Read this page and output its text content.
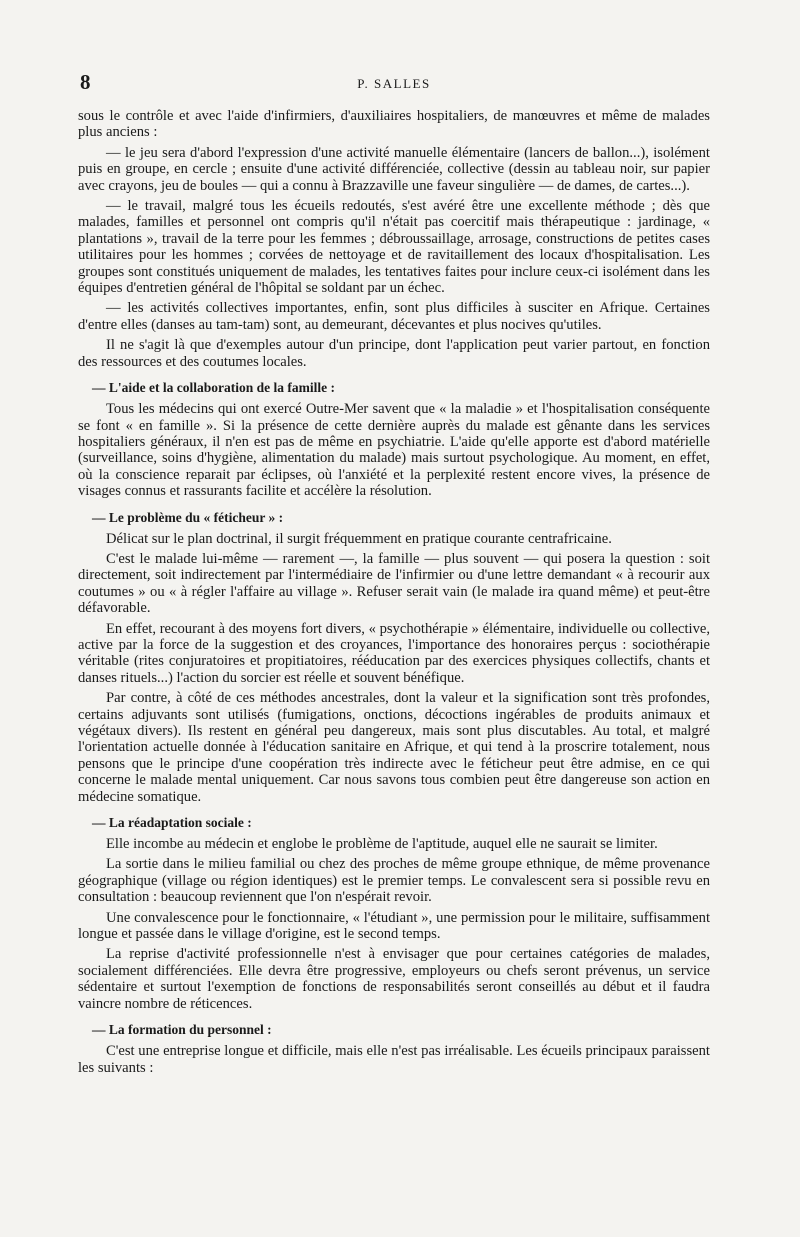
8	P. SALLES

sous le contrôle et avec l'aide d'infirmiers, d'auxiliaires hospitaliers, de manœuvres et même de malades plus anciens :

— le jeu sera d'abord l'expression d'une activité manuelle élémentaire (lancers de ballon...), isolément puis en groupe, en cercle ; ensuite d'une activité différenciée, collective (dessin au tableau noir, sur papier avec crayons, jeu de boules — qui a connu à Brazzaville une faveur singulière — de dames, de cartes...).

— le travail, malgré tous les écueils redoutés, s'est avéré être une excellente méthode ; dès que malades, familles et personnel ont compris qu'il n'était pas coercitif mais thérapeutique : jardinage, « plantations », travail de la terre pour les femmes ; débroussaillage, arrosage, constructions de petites cases utilitaires pour les hommes ; corvées de nettoyage et de ravitaillement des locaux d'hospitalisation. Les groupes sont constitués uniquement de malades, les tentatives faites pour inclure ceux-ci isolément dans les équipes d'entretien général de l'hôpital se soldant par un échec.

— les activités collectives importantes, enfin, sont plus difficiles à susciter en Afrique. Certaines d'entre elles (danses au tam-tam) sont, au demeurant, décevantes et plus nocives qu'utiles.

Il ne s'agit là que d'exemples autour d'un principe, dont l'application peut varier partout, en fonction des ressources et des coutumes locales.

— L'aide et la collaboration de la famille :

Tous les médecins qui ont exercé Outre-Mer savent que « la maladie » et l'hospitalisation conséquente se font « en famille ». Si la présence de cette dernière auprès du malade est gênante dans les services hospitaliers généraux, il n'en est pas de même en psychiatrie. L'aide qu'elle apporte est d'abord matérielle (surveillance, soins d'hygiène, alimentation du malade) mais surtout psychologique. Au moment, en effet, où la conscience reparait par éclipses, où l'anxiété et la perplexité restent encore vives, la présence de visages connus et rassurants facilite et accélère la résolution.

— Le problème du « féticheur » :

Délicat sur le plan doctrinal, il surgit fréquemment en pratique courante centrafricaine.

C'est le malade lui-même — rarement —, la famille — plus souvent — qui posera la question : soit directement, soit indirectement par l'intermédiaire de l'infirmier ou d'une lettre demandant « à recourir aux coutumes » ou « à régler l'affaire au village ». Refuser serait vain (le malade ira quand même) et peut-être défavorable.

En effet, recourant à des moyens fort divers, « psychothérapie » élémentaire, individuelle ou collective, active par la force de la suggestion et des croyances, l'importance des honoraires perçus : sociothérapie véritable (rites conjuratoires et propitiatoires, rééducation par des exercices physiques collectifs, chants et danses rituels...) l'action du sorcier est réelle et souvent bénéfique.

Par contre, à côté de ces méthodes ancestrales, dont la valeur et la signification sont très profondes, certains adjuvants sont utilisés (fumigations, onctions, décoctions ingérables de produits animaux et végétaux divers). Ils restent en général peu dangereux, mais sont plus discutables. Au total, et malgré l'orientation actuelle donnée à l'éducation sanitaire en Afrique, et qui tend à la proscrire totalement, nous pensons que le principe d'une coopération très indirecte avec le féticheur peut être admise, en ce qui concerne le malade mental uniquement. Car nous savons tous combien peut être dangereuse son action en médecine somatique.

— La réadaptation sociale :

Elle incombe au médecin et englobe le problème de l'aptitude, auquel elle ne saurait se limiter.

La sortie dans le milieu familial ou chez des proches de même groupe ethnique, de même provenance géographique (village ou région identiques) est le premier temps. Le convalescent sera si possible revu en consultation : beaucoup reviennent que l'on n'espérait revoir.

Une convalescence pour le fonctionnaire, « l'étudiant », une permission pour le militaire, suffisamment longue et passée dans le village d'origine, est le second temps.

La reprise d'activité professionnelle n'est à envisager que pour certaines catégories de malades, socialement différenciées. Elle devra être progressive, employeurs ou chefs seront prévenus, un service sédentaire et surtout l'exemption de fonctions de responsabilités seront conseillés au début et il faudra vaincre nombre de réticences.

— La formation du personnel :

C'est une entreprise longue et difficile, mais elle n'est pas irréalisable. Les écueils principaux paraissent les suivants :
